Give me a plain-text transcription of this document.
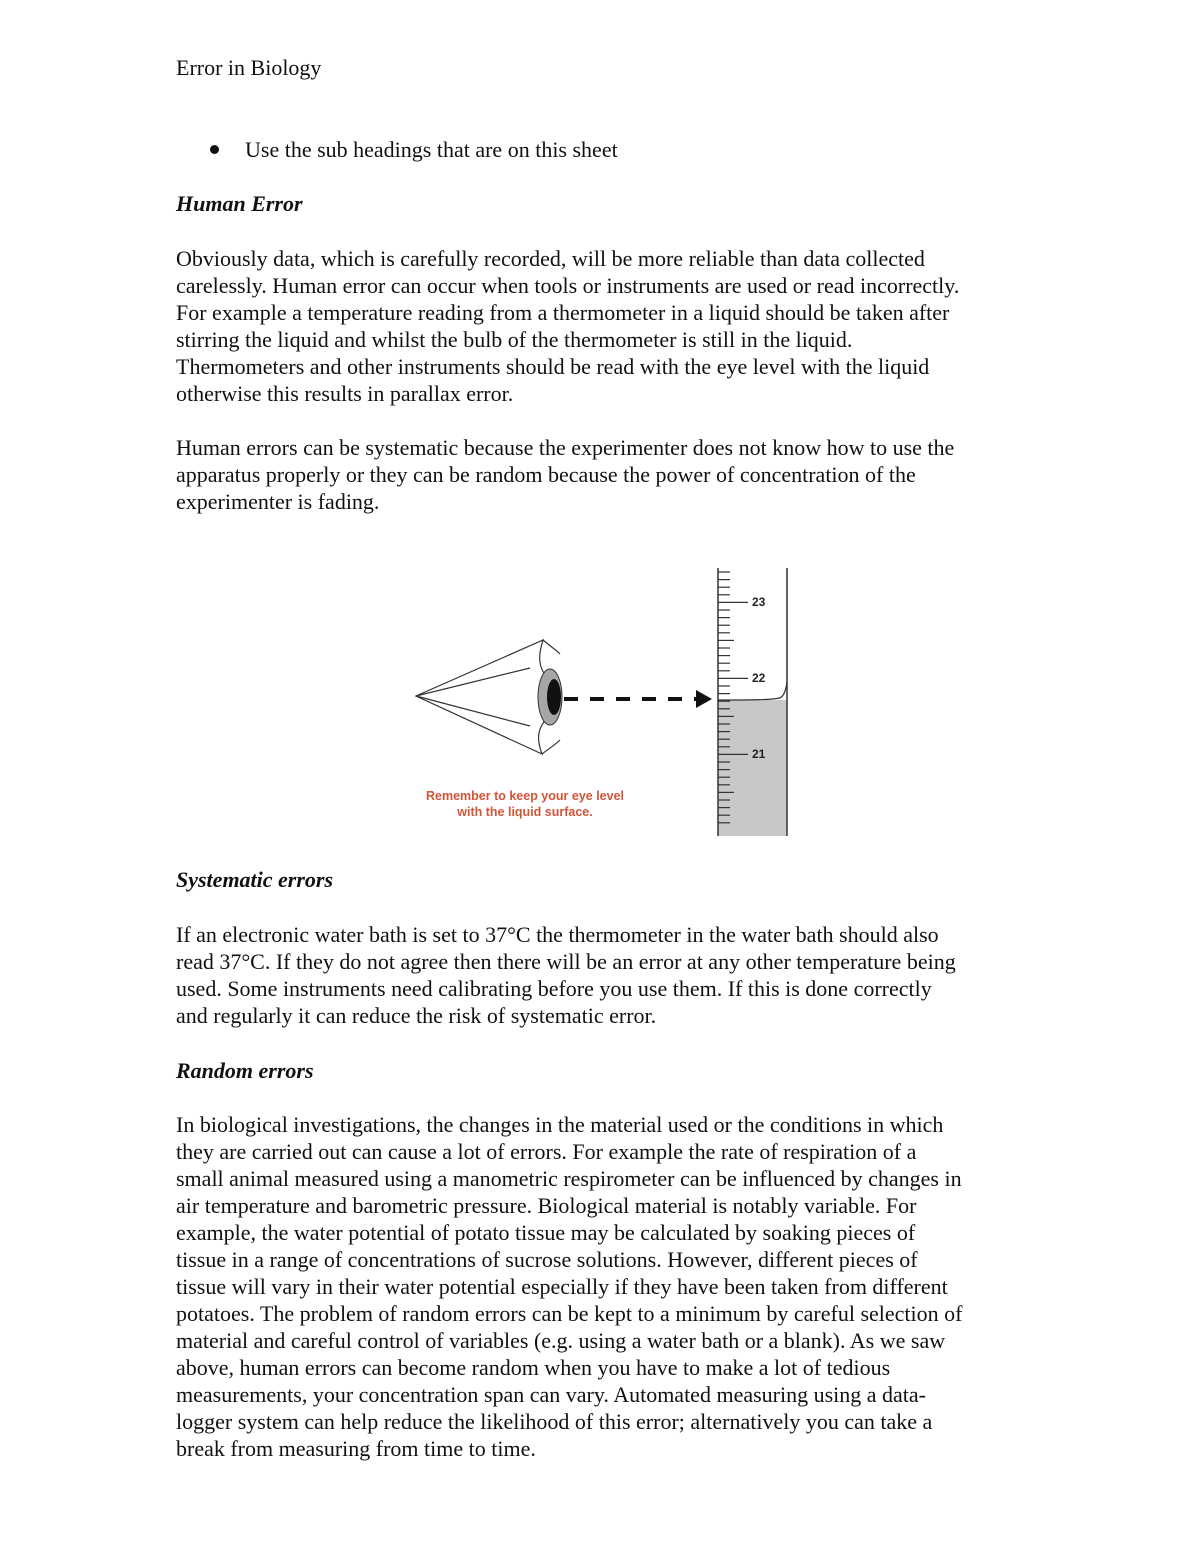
Error in Biology
Use the sub headings that are on this sheet
Human Error
Obviously data, which is carefully recorded, will be more reliable than data collected
carelessly. Human error can occur when tools or instruments are used or read incorrectly.
For example a temperature reading from a thermometer in a liquid should be taken after
stirring the liquid and whilst the bulb of the thermometer is still in the liquid.
Thermometers and other instruments should be read with the eye level with the liquid
otherwise this results in parallax error.
Human errors can be systematic because the experimenter does not know how to use the
apparatus properly or they can be random because the power of concentration of the
experimenter is fading.
Systematic errors
If an electronic water bath is set to 37°C the thermometer in the water bath should also
read 37°C. If they do not agree then there will be an error at any other temperature being
used. Some instruments need calibrating before you use them. If this is done correctly
and regularly it can reduce the risk of systematic error.
Random errors
In biological investigations, the changes in the material used or the conditions in which
they are carried out can cause a lot of errors. For example the rate of respiration of a
small animal measured using a manometric respirometer can be influenced by changes in
air temperature and barometric pressure. Biological material is notably variable. For
example, the water potential of potato tissue may be calculated by soaking pieces of
tissue in a range of concentrations of sucrose solutions. However, different pieces of
tissue will vary in their water potential especially if they have been taken from different
potatoes. The problem of random errors can be kept to a minimum by careful selection of
material and careful control of variables (e.g. using a water bath or a blank). As we saw
above, human errors can become random when you have to make a lot of tedious
measurements, your concentration span can vary. Automated measuring using a data-
logger system can help reduce the likelihood of this error; alternatively you can take a
break from measuring from time to time.
23
22
21
Remember to keep your eye level
with the liquid surface.
